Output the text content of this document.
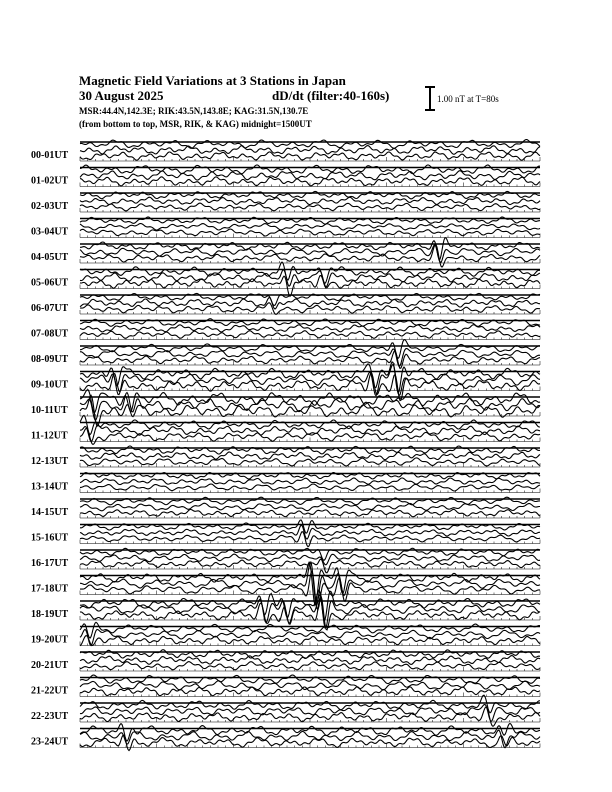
Magnetic Field Variations at 3 Stations in Japan
30 August 2025	dD/dt (filter:40-160s)
MSR:44.4N,142.3E; RIK:43.5N,143.8E; KAG:31.5N,130.7E
(from bottom to top, MSR, RIK, & KAG) midnight=1500UT
1.00 nT at T=80s
00-01UT
01-02UT
02-03UT
03-04UT
04-05UT
05-06UT
06-07UT
07-08UT
08-09UT
09-10UT
10-11UT
11-12UT
12-13UT
13-14UT
14-15UT
15-16UT
16-17UT
17-18UT
18-19UT
19-20UT
20-21UT
21-22UT
22-23UT
23-24UT
